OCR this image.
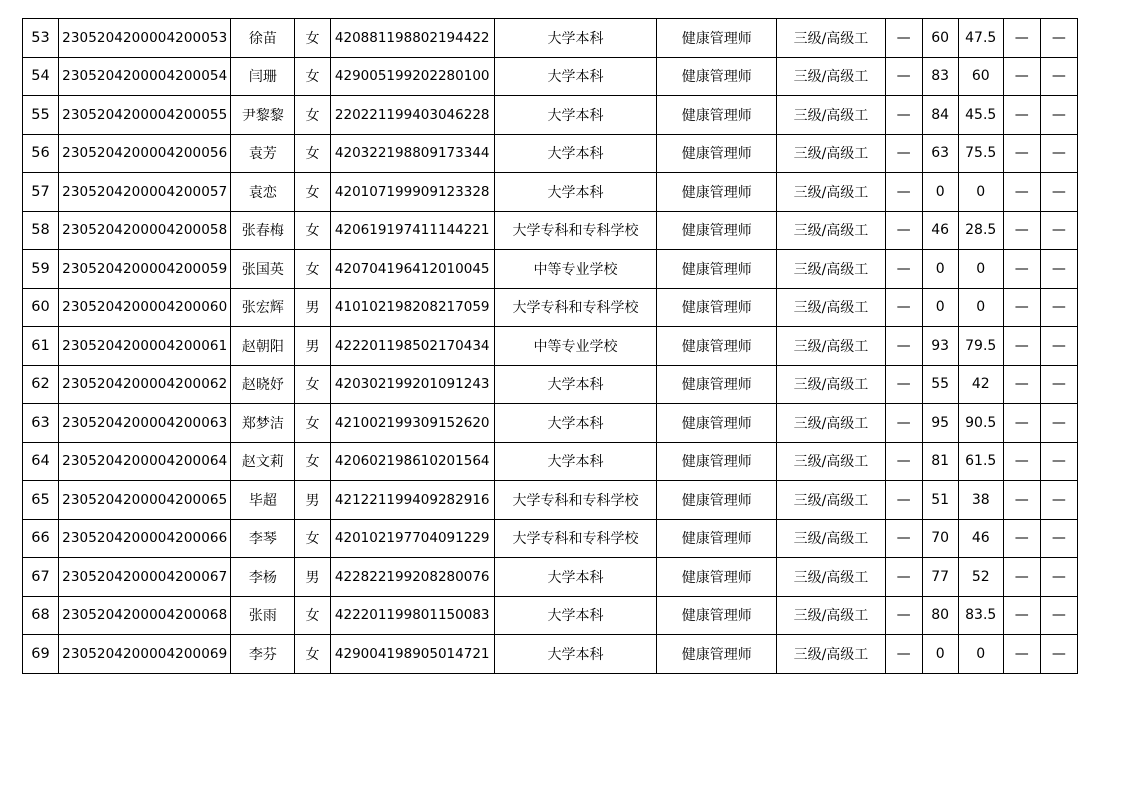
53	2305204200004200053	徐苗	女	420881198802194422	大学本科	健康管理师	三级/高级工	—	60	47.5	—	—
54	2305204200004200054	闫珊	女	429005199202280100	大学本科	健康管理师	三级/高级工	—	83	60	—	—
55	2305204200004200055	尹黎黎	女	220221199403046228	大学本科	健康管理师	三级/高级工	—	84	45.5	—	—
56	2305204200004200056	袁芳	女	420322198809173344	大学本科	健康管理师	三级/高级工	—	63	75.5	—	—
57	2305204200004200057	袁恋	女	420107199909123328	大学本科	健康管理师	三级/高级工	—	0	0	—	—
58	2305204200004200058	张春梅	女	420619197411144221	大学专科和专科学校	健康管理师	三级/高级工	—	46	28.5	—	—
59	2305204200004200059	张国英	女	420704196412010045	中等专业学校	健康管理师	三级/高级工	—	0	0	—	—
60	2305204200004200060	张宏辉	男	410102198208217059	大学专科和专科学校	健康管理师	三级/高级工	—	0	0	—	—
61	2305204200004200061	赵朝阳	男	422201198502170434	中等专业学校	健康管理师	三级/高级工	—	93	79.5	—	—
62	2305204200004200062	赵晓妤	女	420302199201091243	大学本科	健康管理师	三级/高级工	—	55	42	—	—
63	2305204200004200063	郑梦洁	女	421002199309152620	大学本科	健康管理师	三级/高级工	—	95	90.5	—	—
64	2305204200004200064	赵文莉	女	420602198610201564	大学本科	健康管理师	三级/高级工	—	81	61.5	—	—
65	2305204200004200065	毕超	男	421221199409282916	大学专科和专科学校	健康管理师	三级/高级工	—	51	38	—	—
66	2305204200004200066	李琴	女	420102197704091229	大学专科和专科学校	健康管理师	三级/高级工	—	70	46	—	—
67	2305204200004200067	李杨	男	422822199208280076	大学本科	健康管理师	三级/高级工	—	77	52	—	—
68	2305204200004200068	张雨	女	422201199801150083	大学本科	健康管理师	三级/高级工	—	80	83.5	—	—
69	2305204200004200069	李芬	女	429004198905014721	大学本科	健康管理师	三级/高级工	—	0	0	—	—
